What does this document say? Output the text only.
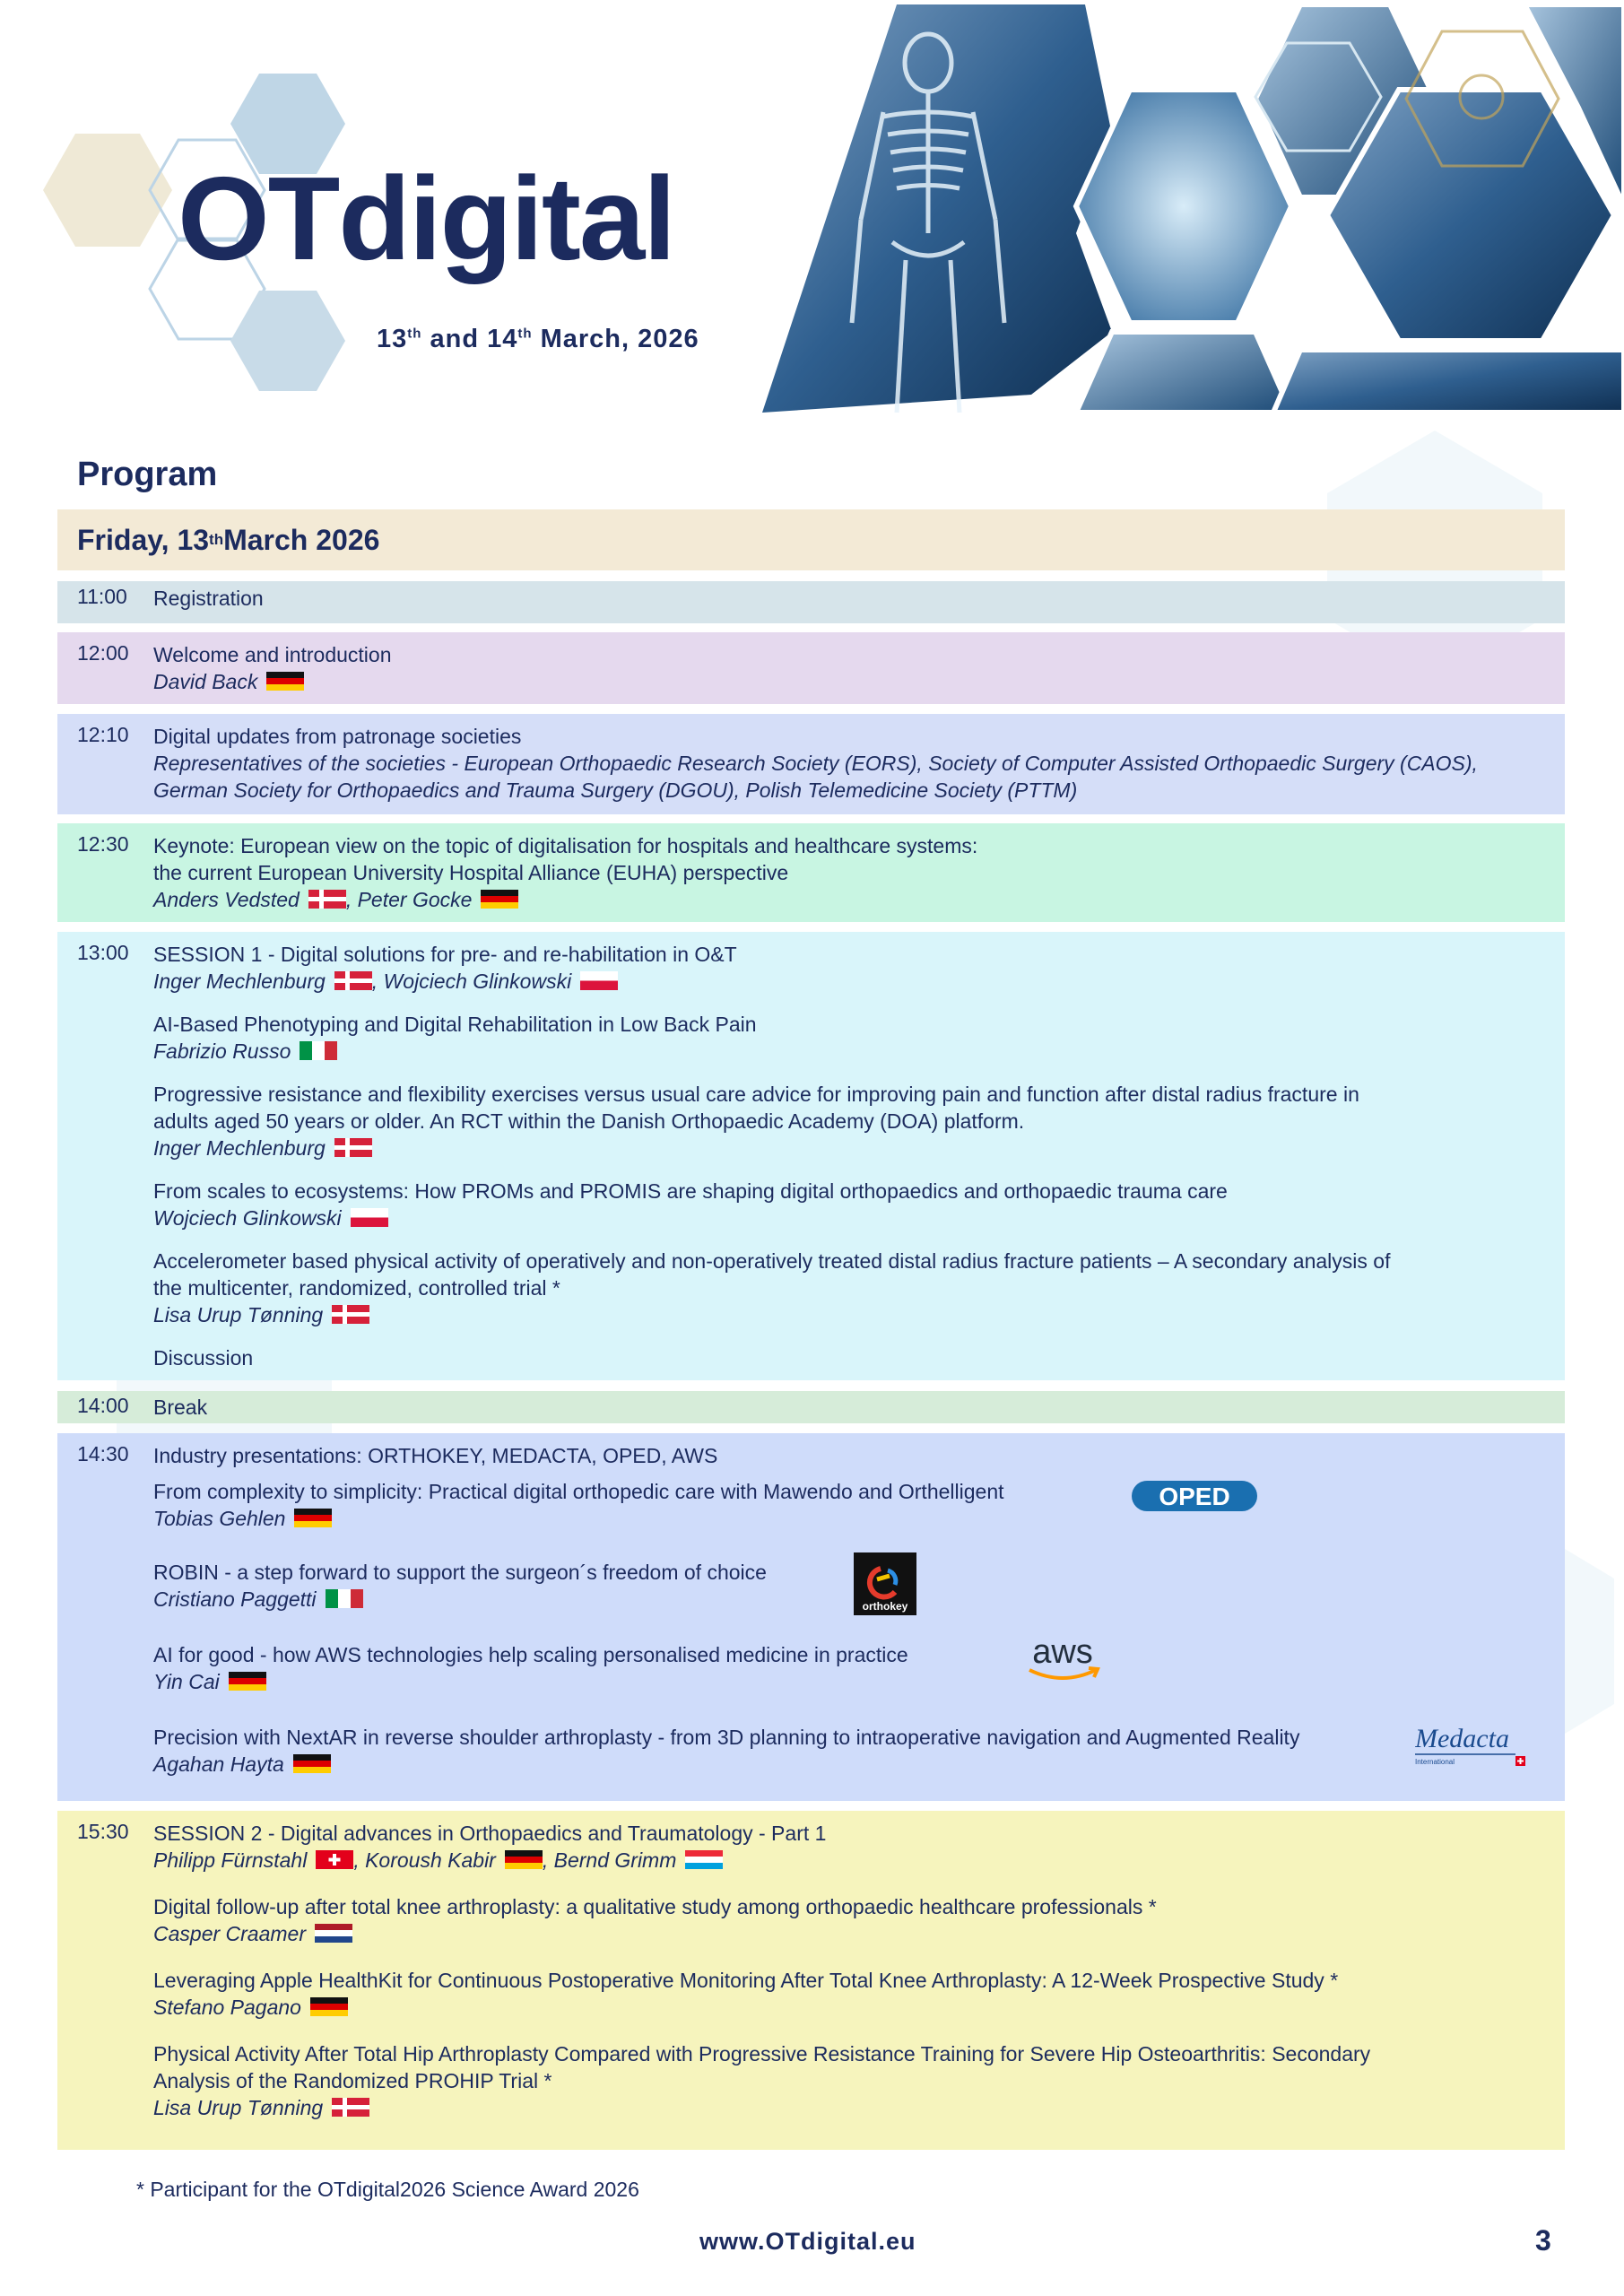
OTdigital
13th and 14th March, 2026
Program
Friday, 13 th March 2026
11:00 Registration
12:00 Welcome and introduction
David Back
12:10 Digital updates from patronage societies
Representatives of the societies - European Orthopaedic Research Society (EORS), Society of Computer Assisted Orthopaedic Surgery (CAOS),
German Society for Orthopaedics and Trauma Surgery (DGOU), Polish Telemedicine Society (PTTM)
12:30 Keynote: European view on the topic of digitalisation for hospitals and healthcare systems:
the current European University Hospital Alliance (EUHA) perspective
Anders Vedsted , Peter Gocke
13:00 SESSION 1 - Digital solutions for pre- and re-habilitation in O&T
Inger Mechlenburg , Wojciech Glinkowski
AI-Based Phenotyping and Digital Rehabilitation in Low Back Pain
Fabrizio Russo
Progressive resistance and flexibility exercises versus usual care advice for improving pain and function after distal radius fracture in
adults aged 50 years or older. An RCT within the Danish Orthopaedic Academy (DOA) platform.
Inger Mechlenburg
From scales to ecosystems: How PROMs and PROMIS are shaping digital orthopaedics and orthopaedic trauma care
Wojciech Glinkowski
Accelerometer based physical activity of operatively and non-operatively treated distal radius fracture patients – A secondary analysis of
the multicenter, randomized, controlled trial *
Lisa Urup Tønning
Discussion
14:00 Break
14:30 Industry presentations: ORTHOKEY, MEDACTA, OPED, AWS
From complexity to simplicity: Practical digital orthopedic care with Mawendo and Orthelligent
Tobias Gehlen
ROBIN - a step forward to support the surgeon´s freedom of choice
Cristiano Paggetti
AI for good - how AWS technologies help scaling personalised medicine in practice
Yin Cai
Precision with NextAR in reverse shoulder arthroplasty - from 3D planning to intraoperative navigation and Augmented Reality
Agahan Hayta
OPED
orthokey
aws
Medacta
International
15:30 SESSION 2 - Digital advances in Orthopaedics and Traumatology - Part 1
Philipp Fürnstahl , Koroush Kabir , Bernd Grimm
Digital follow-up after total knee arthroplasty: a qualitative study among orthopaedic healthcare professionals *
Casper Craamer
Leveraging Apple HealthKit for Continuous Postoperative Monitoring After Total Knee Arthroplasty: A 12-Week Prospective Study *
Stefano Pagano
Physical Activity After Total Hip Arthroplasty Compared with Progressive Resistance Training for Severe Hip Osteoarthritis: Secondary
Analysis of the Randomized PROHIP Trial *
Lisa Urup Tønning
* Participant for the OTdigital2026 Science Award 2026
www.OTdigital.eu	3
